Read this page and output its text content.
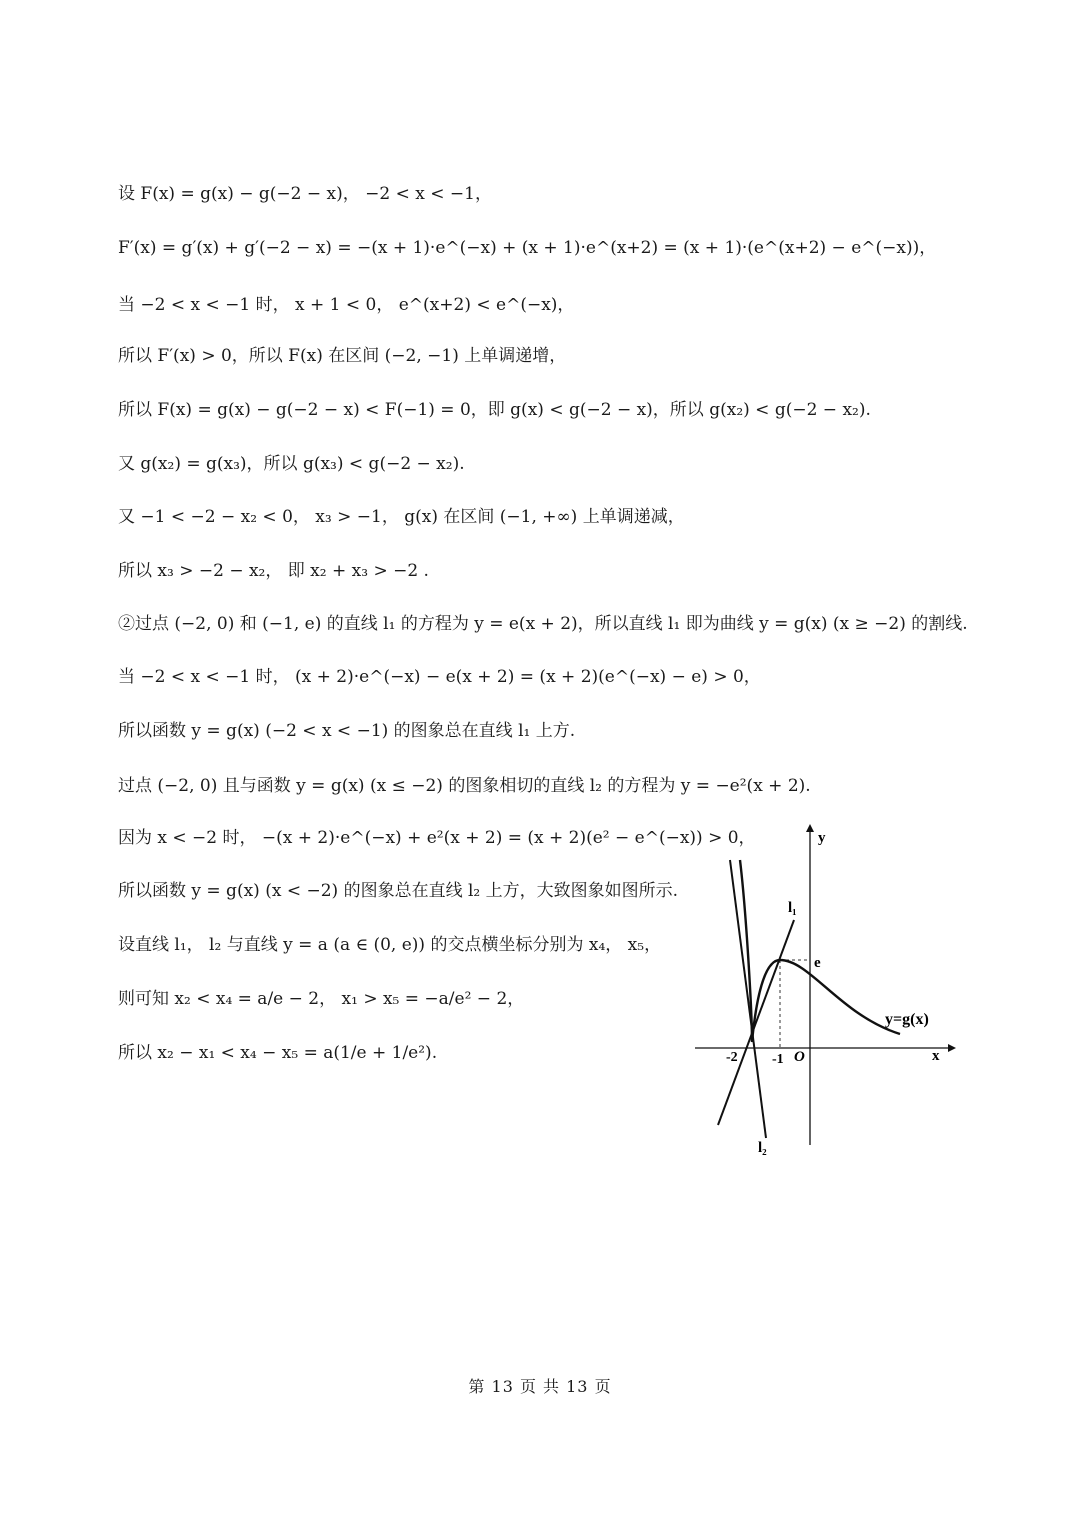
设 F(x) = g(x) − g(−2 − x)， −2 < x < −1，
F′(x) = g′(x) + g′(−2 − x) = −(x + 1)·e^(−x) + (x + 1)·e^(x+2) = (x + 1)·(e^(x+2) − e^(−x))，
当 −2 < x < −1 时， x + 1 < 0， e^(x+2) < e^(−x)，
所以 F′(x) > 0，所以 F(x) 在区间 (−2, −1) 上单调递增，
所以 F(x) = g(x) − g(−2 − x) < F(−1) = 0，即 g(x) < g(−2 − x)，所以 g(x₂) < g(−2 − x₂).
又 g(x₂) = g(x₃)，所以 g(x₃) < g(−2 − x₂).
又 −1 < −2 − x₂ < 0， x₃ > −1， g(x) 在区间 (−1, +∞) 上单调递减，
所以 x₃ > −2 − x₂， 即 x₂ + x₃ > −2 .
②过点 (−2, 0) 和 (−1, e) 的直线 l₁ 的方程为 y = e(x + 2)，所以直线 l₁ 即为曲线 y = g(x) (x ≥ −2) 的割线.
当 −2 < x < −1 时， (x + 2)·e^(−x) − e(x + 2) = (x + 2)(e^(−x) − e) > 0，
所以函数 y = g(x) (−2 < x < −1) 的图象总在直线 l₁ 上方.
过点 (−2, 0) 且与函数 y = g(x) (x ≤ −2) 的图象相切的直线 l₂ 的方程为 y = −e²(x + 2).
因为 x < −2 时， −(x + 2)·e^(−x) + e²(x + 2) = (x + 2)(e² − e^(−x)) > 0，
所以函数 y = g(x) (x < −2) 的图象总在直线 l₂ 上方，大致图象如图所示.
设直线 l₁， l₂ 与直线 y = a (a ∈ (0, e)) 的交点横坐标分别为 x₄， x₅，
则可知 x₂ < x₄ = a/e − 2， x₁ > x₅ = −a/e² − 2，
所以 x₂ − x₁ < x₄ − x₅ = a(1/e + 1/e²).
y
x
O
-2 -1
e
y=g(x)
l₁
l₂
第 13 页 共 13 页
